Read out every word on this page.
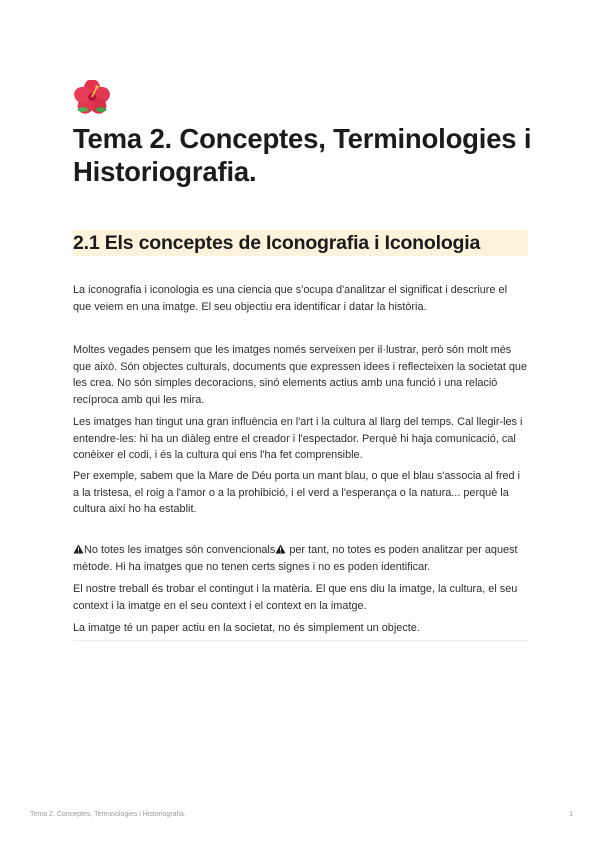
Tema 2. Conceptes, Terminologies i Historiografia.
2.1 Els conceptes de Iconografia i Iconologia

La iconografia i iconologia es una ciencia que s'ocupa d'analitzar el significat i descriure el que veiem en una imatge. El seu objectiu era identificar i datar la història.

Moltes vegades pensem que les imatges només serveixen per il·lustrar, però són molt més que això. Són objectes culturals, documents que expressen idees i reflecteixen la societat que les crea. No són simples decoracions, sinó elements actius amb una funció i una relació recíproca amb qui les mira.

Les imatges han tingut una gran influència en l'art i la cultura al llarg del temps. Cal llegir-les i entendre-les: hi ha un diàleg entre el creador i l'espectador. Perquè hi haja comunicació, cal conèixer el codi, i és la cultura qui ens l'ha fet comprensible.

Per exemple, sabem que la Mare de Déu porta un mant blau, o que el blau s'associa al fred i a la tristesa, el roig a l'amor o a la prohibició, i el verd a l'esperança o la natura... perquè la cultura així ho ha establit.

No totes les imatges són convencionals per tant, no totes es poden analitzar per aquest mètode. Hi ha imatges que no tenen certs signes i no es poden identificar.

El nostre treball és trobar el contingut i la matèria. El que ens diu la imatge, la cultura, el seu context i la imatge en el seu context i el context en la imatge.

La imatge té un paper actiu en la societat, no és simplement un objecte.

Tema 2. Conceptes, Terminologies i Historiografia.	1
